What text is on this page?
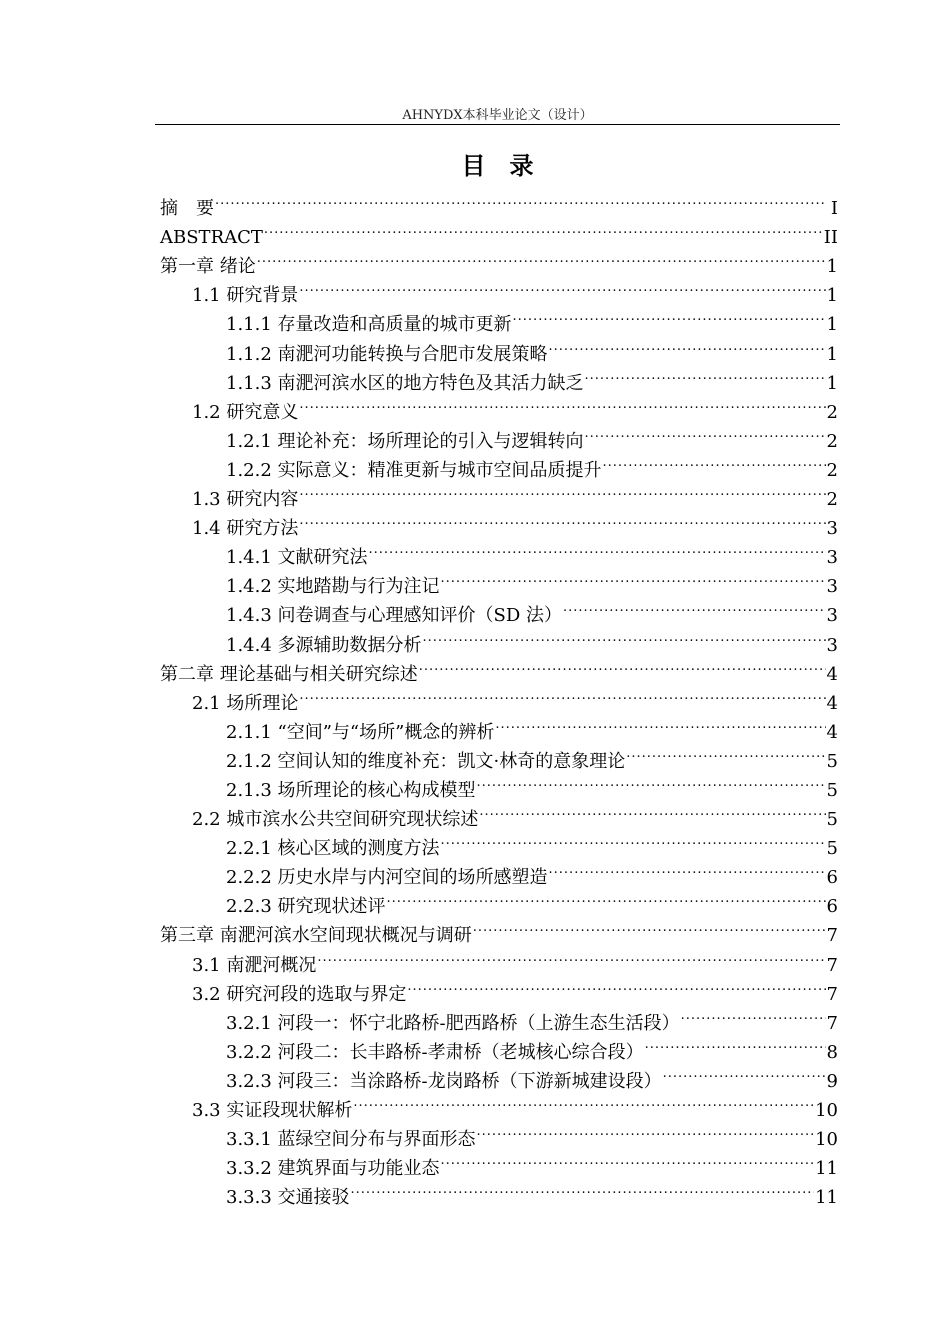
AHNYDX本科毕业论文（设计）
目　录
摘　要 .....	I
ABSTRACT .....	II
第一章 绪论 .....	1
1.1 研究背景 .....	1
1.1.1 存量改造和高质量的城市更新 .....	1
1.1.2 南淝河功能转换与合肥市发展策略 .....	1
1.1.3 南淝河滨水区的地方特色及其活力缺乏 .....	1
1.2 研究意义 .....	2
1.2.1 理论补充：场所理论的引入与逻辑转向 .....	2
1.2.2 实际意义：精准更新与城市空间品质提升 .....	2
1.3 研究内容 .....	2
1.4 研究方法 .....	3
1.4.1 文献研究法 .....	3
1.4.2 实地踏勘与行为注记 .....	3
1.4.3 问卷调查与心理感知评价（SD 法） .....	3
1.4.4 多源辅助数据分析 .....	3
第二章 理论基础与相关研究综述 .....	4
2.1 场所理论 .....	4
2.1.1 “空间”与“场所”概念的辨析 .....	4
2.1.2 空间认知的维度补充：凯文·林奇的意象理论 .....	5
2.1.3 场所理论的核心构成模型 .....	5
2.2 城市滨水公共空间研究现状综述 .....	5
2.2.1 核心区域的测度方法 .....	5
2.2.2 历史水岸与内河空间的场所感塑造 .....	6
2.2.3 研究现状述评 .....	6
第三章 南淝河滨水空间现状概况与调研 .....	7
3.1 南淝河概况 .....	7
3.2 研究河段的选取与界定 .....	7
3.2.1 河段一：怀宁北路桥-肥西路桥（上游生态生活段） .....	7
3.2.2 河段二：长丰路桥-孝肃桥（老城核心综合段） .....	8
3.2.3 河段三：当涂路桥-龙岗路桥（下游新城建设段） .....	9
3.3 实证段现状解析 .....	10
3.3.1 蓝绿空间分布与界面形态 .....	10
3.3.2 建筑界面与功能业态 .....	11
3.3.3 交通接驳 .....	11
